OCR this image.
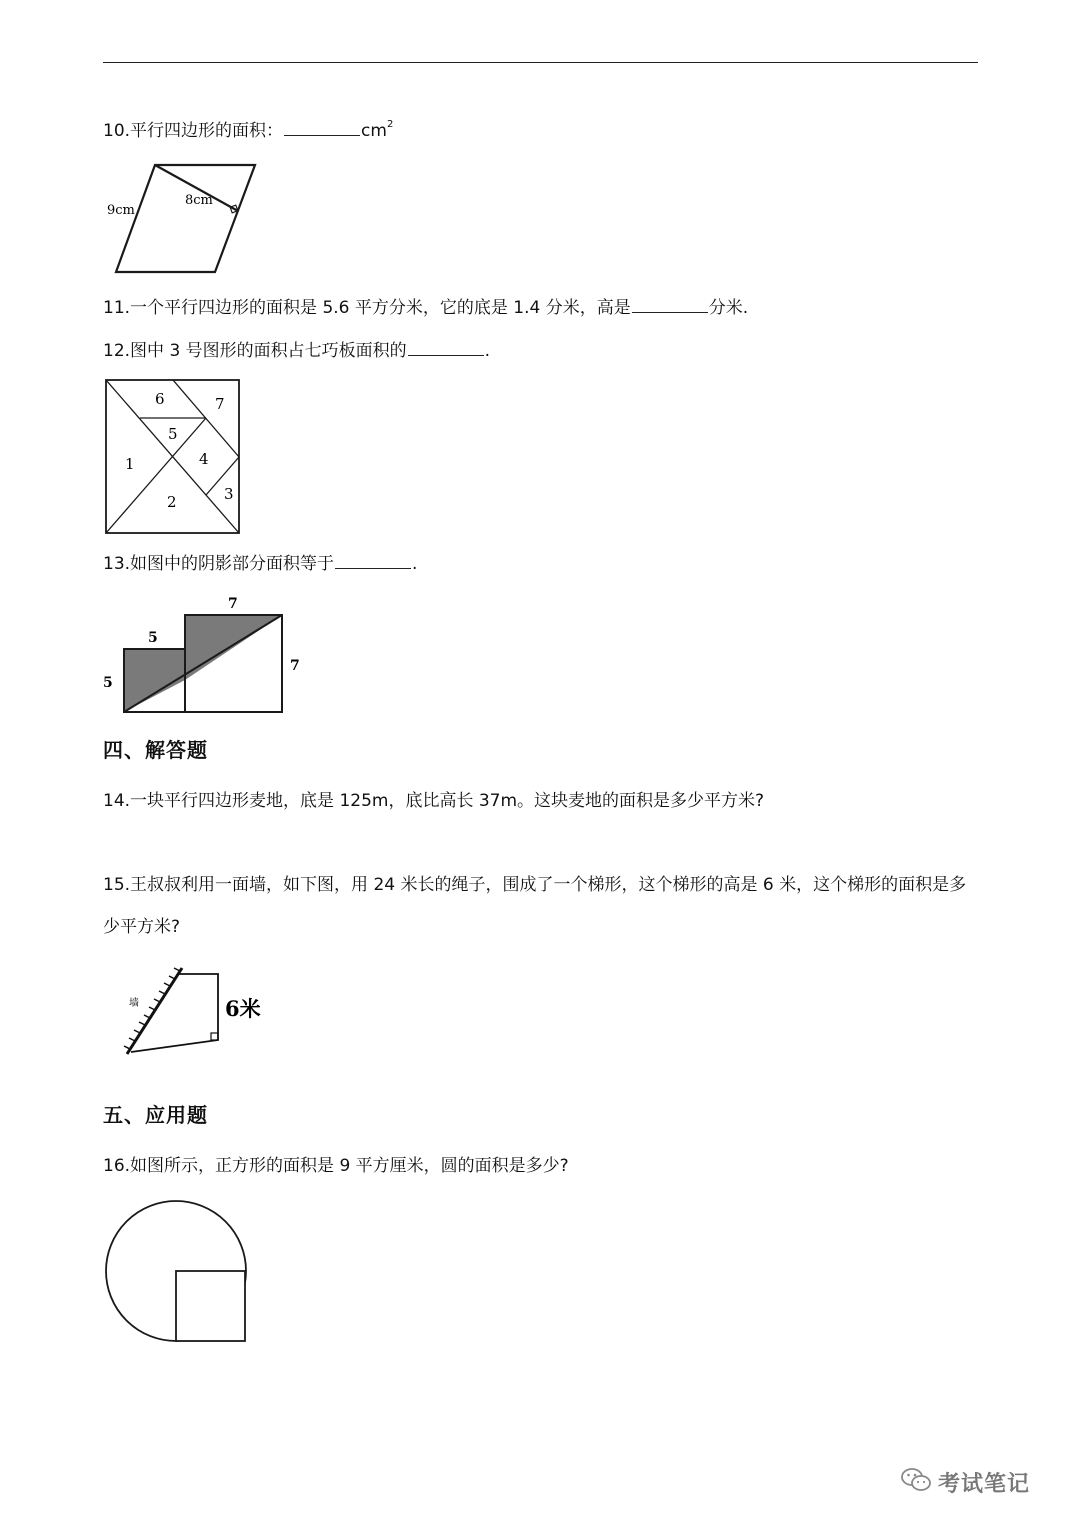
10.平行四边形的面积：	$cm^2$
9cm
8cm
11.一个平行四边形的面积是 5.6 平方分米，它的底是 1.4 分米，高是	分米.
12.图中 3 号图形的面积占七巧板面积的	.
1
2	3
4
5
6	7
13.如图中的阴影部分面积等于	.
7
5
5
7
四、解答题
14.一块平行四边形麦地，底是 125m，底比高长 37m。这块麦地的面积是多少平方米?
15.王叔叔利用一面墙，如下图，用 24 米长的绳子，围成了一个梯形，这个梯形的高是 6 米，这个梯形的面积是多少平方米?
墙	6米
五、应用题
16.如图所示，正方形的面积是 9 平方厘米，圆的面积是多少?
考试笔记
